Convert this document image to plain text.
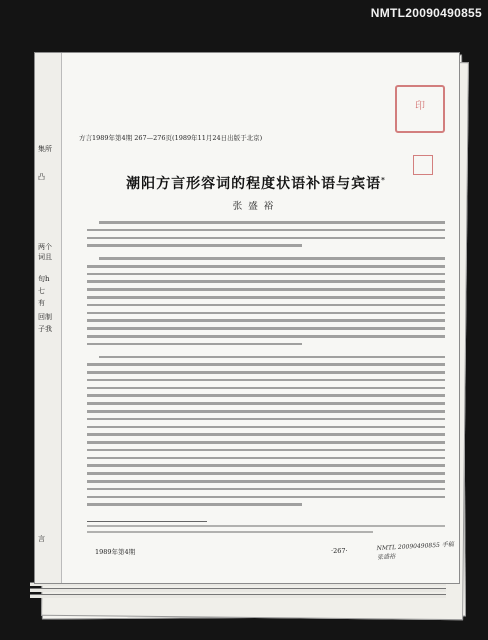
NMTL20090490855
集所
凸
两个
词且
旬h
七
有
回制
子我
言
印
方言1989年第4期 267—276页(1989年11月24日出版于北京)
潮阳方言形容词的程度状语补语与宾语*
张盛裕
1989年第4期	·267·	NMTL 20090490855 手稿 张盛裕
